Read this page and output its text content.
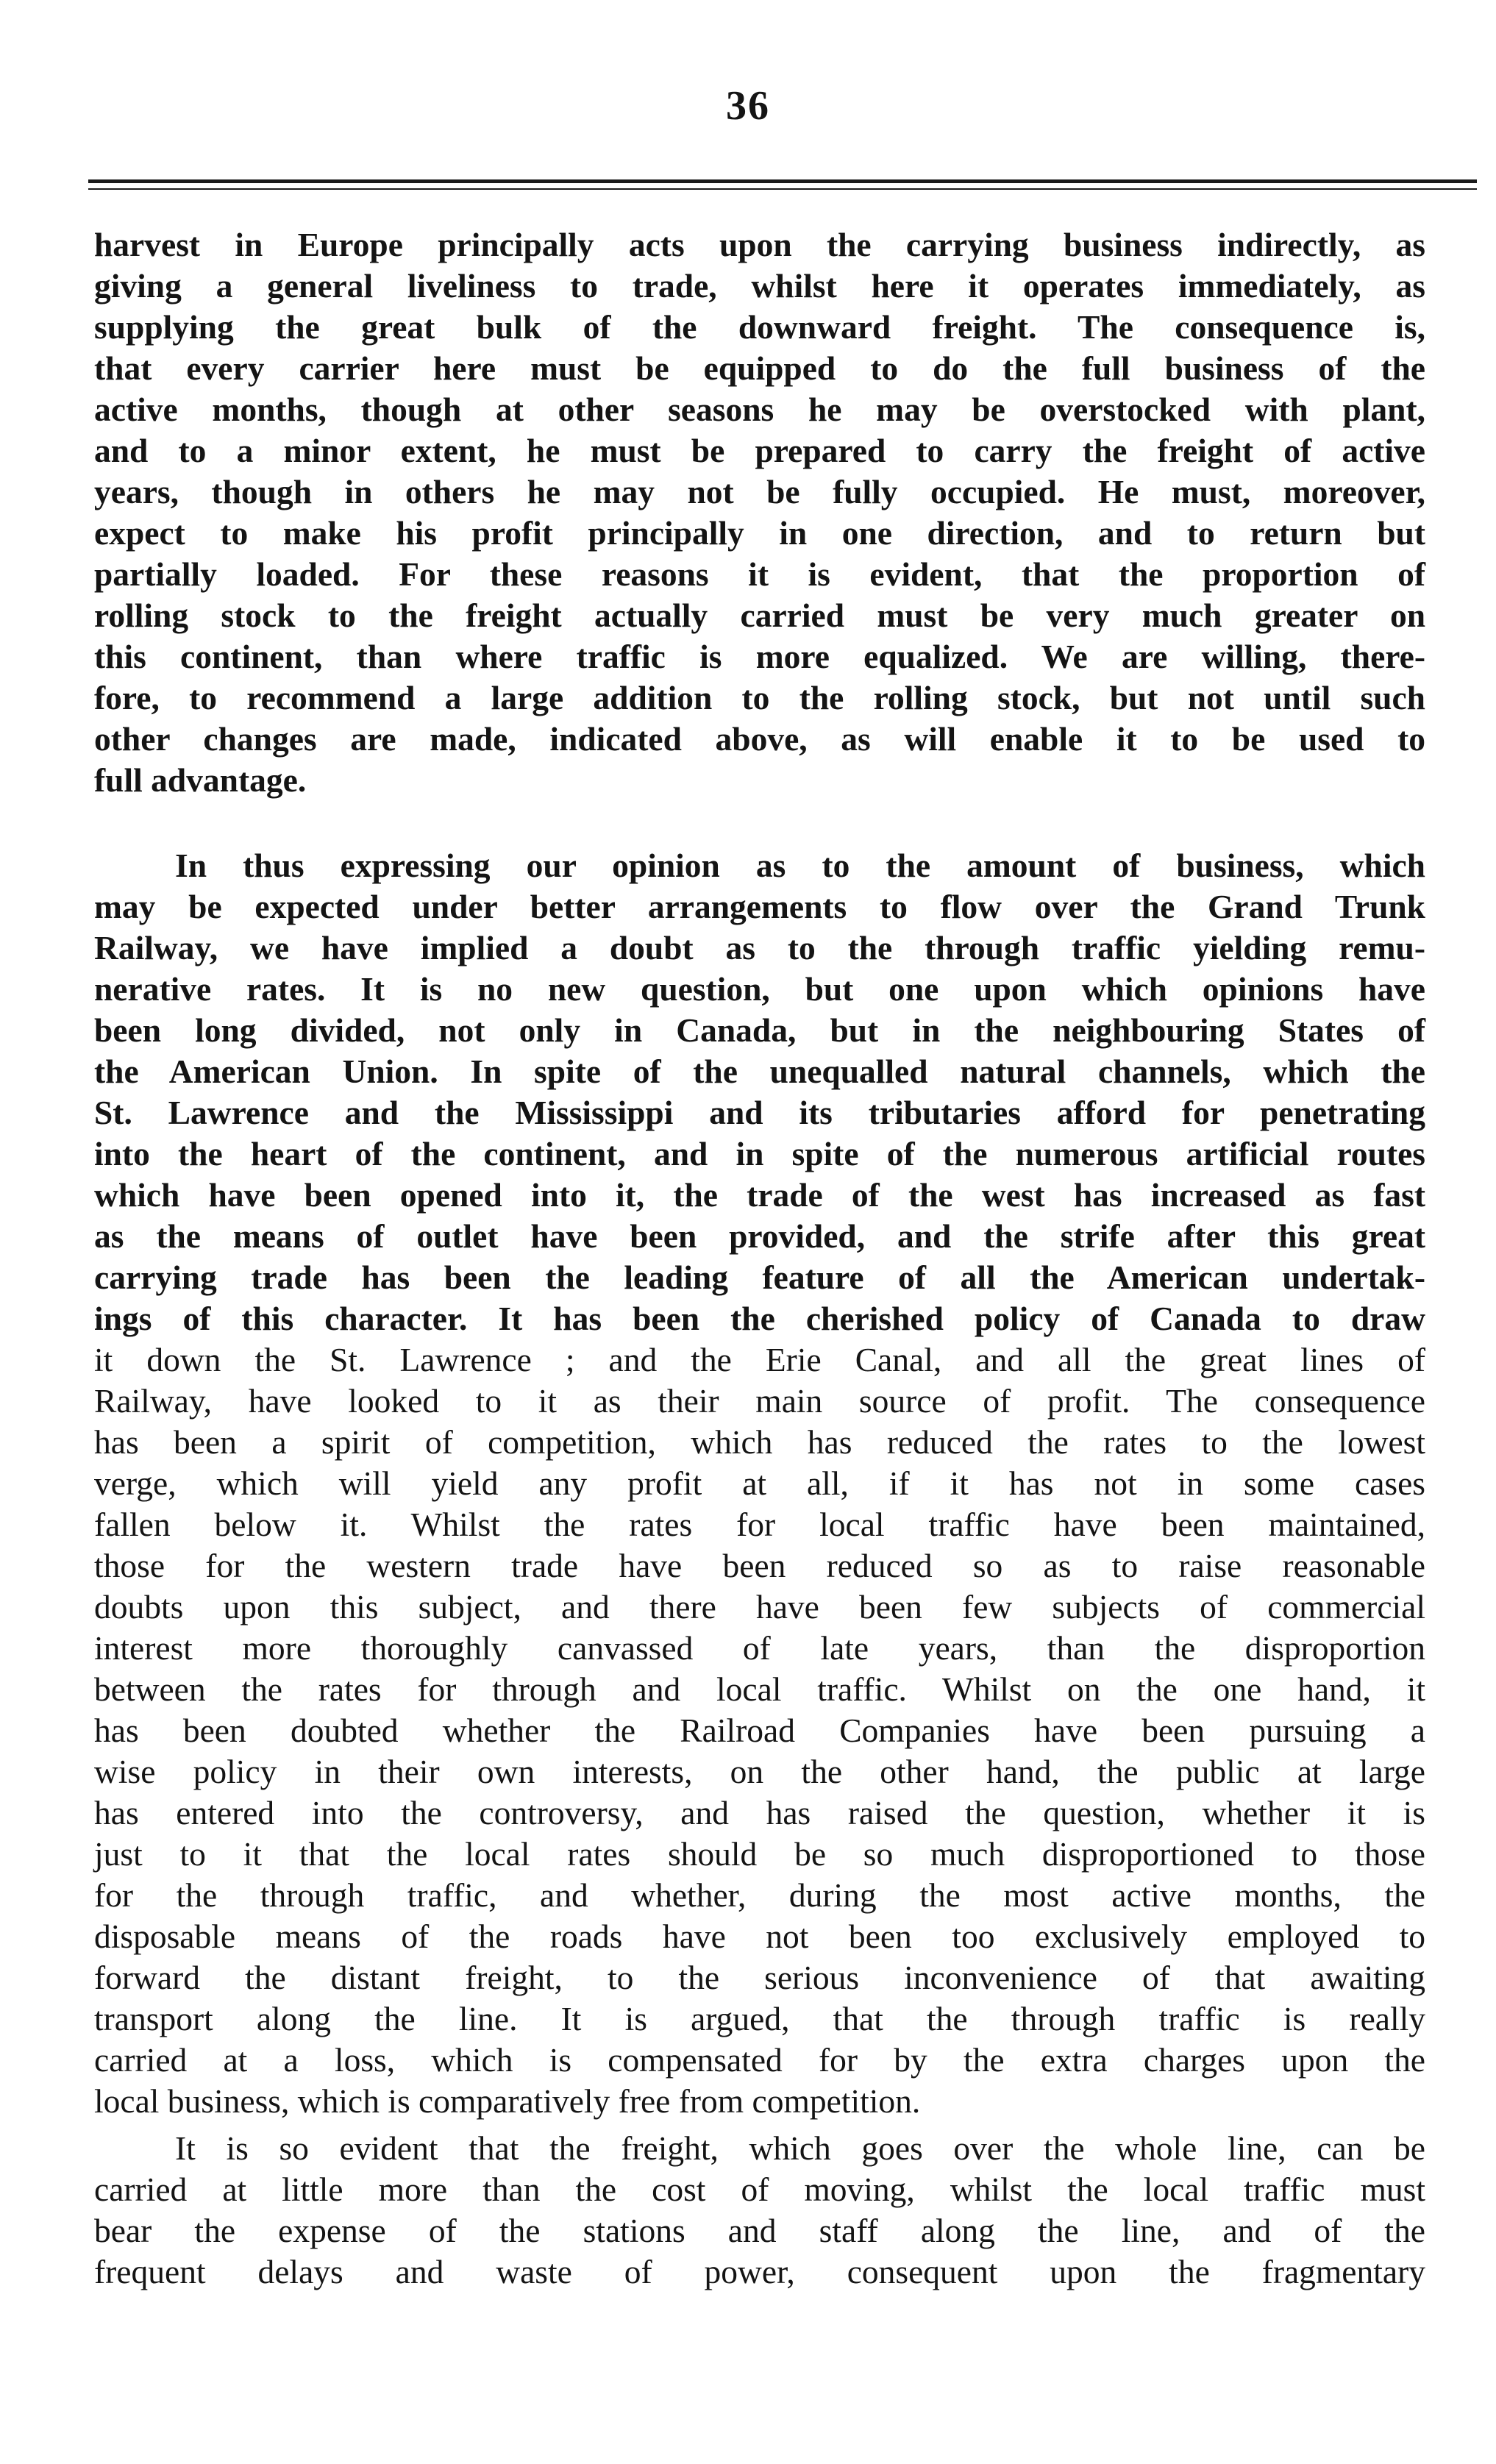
36
harvest in Europe principally acts upon the carrying business indirectly, as
giving a general liveliness to trade, whilst here it operates immediately, as
supplying the great bulk of the downward freight. The consequence is,
that every carrier here must be equipped to do the full business of the
active months, though at other seasons he may be overstocked with plant,
and to a minor extent, he must be prepared to carry the freight of active
years, though in others he may not be fully occupied. He must, moreover,
expect to make his profit principally in one direction, and to return but
partially loaded. For these reasons it is evident, that the proportion of
rolling stock to the freight actually carried must be very much greater on
this continent, than where traffic is more equalized. We are willing, there-
fore, to recommend a large addition to the rolling stock, but not until such
other changes are made, indicated above, as will enable it to be used to
full advantage.
In thus expressing our opinion as to the amount of business, which
may be expected under better arrangements to flow over the Grand Trunk
Railway, we have implied a doubt as to the through traffic yielding remu-
nerative rates. It is no new question, but one upon which opinions have
been long divided, not only in Canada, but in the neighbouring States of
the American Union. In spite of the unequalled natural channels, which the
St. Lawrence and the Mississippi and its tributaries afford for penetrating
into the heart of the continent, and in spite of the numerous artificial routes
which have been opened into it, the trade of the west has increased as fast
as the means of outlet have been provided, and the strife after this great
carrying trade has been the leading feature of all the American undertak-
ings of this character. It has been the cherished policy of Canada to draw
it down the St. Lawrence ; and the Erie Canal, and all the great lines of
Railway, have looked to it as their main source of profit. The consequence
has been a spirit of competition, which has reduced the rates to the lowest
verge, which will yield any profit at all, if it has not in some cases
fallen below it. Whilst the rates for local traffic have been maintained,
those for the western trade have been reduced so as to raise reasonable
doubts upon this subject, and there have been few subjects of commercial
interest more thoroughly canvassed of late years, than the disproportion
between the rates for through and local traffic. Whilst on the one hand, it
has been doubted whether the Railroad Companies have been pursuing a
wise policy in their own interests, on the other hand, the public at large
has entered into the controversy, and has raised the question, whether it is
just to it that the local rates should be so much disproportioned to those
for the through traffic, and whether, during the most active months, the
disposable means of the roads have not been too exclusively employed to
forward the distant freight, to the serious inconvenience of that awaiting
transport along the line. It is argued, that the through traffic is really
carried at a loss, which is compensated for by the extra charges upon the
local business, which is comparatively free from competition.
It is so evident that the freight, which goes over the whole line, can be
carried at little more than the cost of moving, whilst the local traffic must
bear the expense of the stations and staff along the line, and of the
frequent delays and waste of power, consequent upon the fragmentary
